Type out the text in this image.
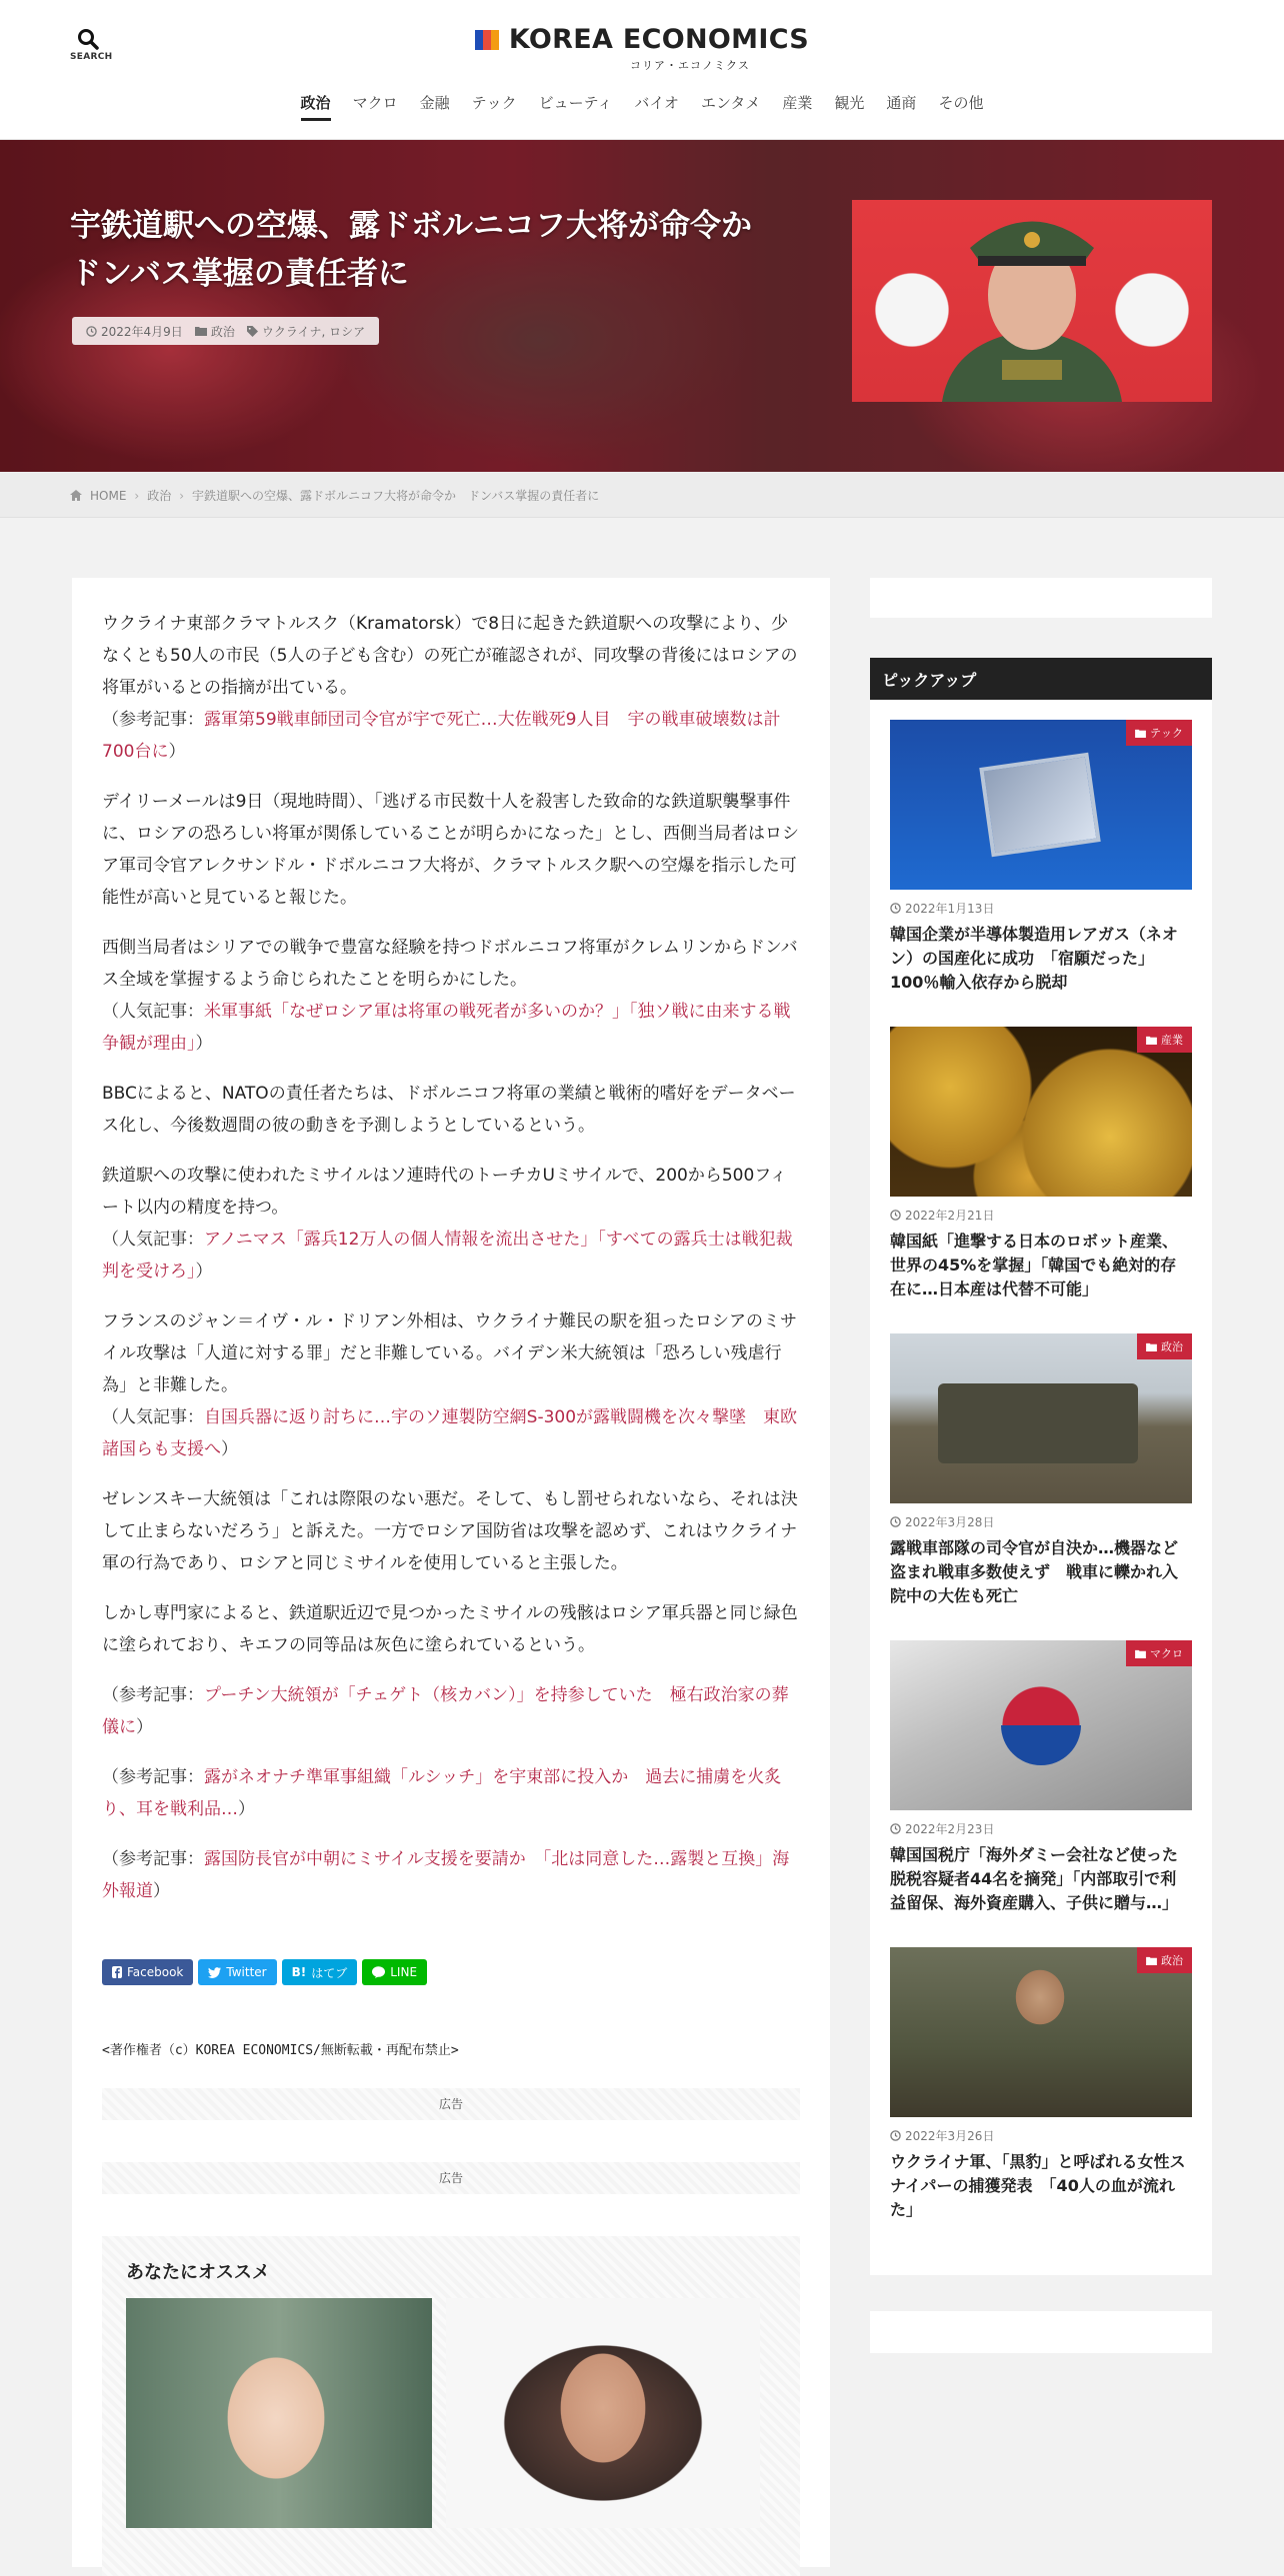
SEARCH
KOREA ECONOMICS
コリア・エコノミクス
政治	マクロ	金融	テック	ビューティ	バイオ	エンタメ	産業	観光	通商	その他
宇鉄道駅への空爆、露ドボルニコフ大将が命令か
ドンバス掌握の責任者に
2022年4月9日 政治 ウクライナ, ロシア
HOME › 政治 › 宇鉄道駅への空爆、露ドボルニコフ大将が命令か　ドンバス掌握の責任者に

ウクライナ東部クラマトルスク（Kramatorsk）で8日に起きた鉄道駅への攻撃により、少なくとも50人の市民（5人の子ども含む）の死亡が確認されが、同攻撃の背後にはロシアの将軍がいるとの指摘が出ている。
（参考記事：露軍第59戦車師団司令官が宇で死亡…大佐戦死9人目　宇の戦車破壊数は計700台に）

デイリーメールは9日（現地時間）、「逃げる市民数十人を殺害した致命的な鉄道駅襲撃事件に、ロシアの恐ろしい将軍が関係していることが明らかになった」とし、西側当局者はロシア軍司令官アレクサンドル・ドボルニコフ大将が、クラマトルスク駅への空爆を指示した可能性が高いと見ていると報じた。

西側当局者はシリアでの戦争で豊富な経験を持つドボルニコフ将軍がクレムリンからドンバス全域を掌握するよう命じられたことを明らかにした。
（人気記事：米軍事紙「なぜロシア軍は将軍の戦死者が多いのか？」「独ソ戦に由来する戦争観が理由」）

BBCによると、NATOの責任者たちは、ドボルニコフ将軍の業績と戦術的嗜好をデータベース化し、今後数週間の彼の動きを予測しようとしているという。

鉄道駅への攻撃に使われたミサイルはソ連時代のトーチカUミサイルで、200から500フィート以内の精度を持つ。
（人気記事：アノニマス「露兵12万人の個人情報を流出させた」「すべての露兵士は戦犯裁判を受けろ」）

フランスのジャン＝イヴ・ル・ドリアン外相は、ウクライナ難民の駅を狙ったロシアのミサイル攻撃は「人道に対する罪」だと非難している。バイデン米大統領は「恐ろしい残虐行為」と非難した。
（人気記事：自国兵器に返り討ちに…宇のソ連製防空網S-300が露戦闘機を次々撃墜　東欧諸国らも支援へ）

ゼレンスキー大統領は「これは際限のない悪だ。そして、もし罰せられないなら、それは決して止まらないだろう」と訴えた。一方でロシア国防省は攻撃を認めず、これはウクライナ軍の行為であり、ロシアと同じミサイルを使用していると主張した。

しかし専門家によると、鉄道駅近辺で見つかったミサイルの残骸はロシア軍兵器と同じ緑色に塗られており、キエフの同等品は灰色に塗られているという。

（参考記事：プーチン大統領が「チェゲト（核カバン）」を持参していた　極右政治家の葬儀に）

（参考記事：露がネオナチ準軍事組織「ルシッチ」を宇東部に投入か　過去に捕虜を火炙り、耳を戦利品…）

（参考記事：露国防長官が中朝にミサイル支援を要請か　「北は同意した…露製と互換」海外報道）

Facebook	Twitter B! はてブ	LINE
<著作権者（c）KOREA ECONOMICS/無断転載・再配布禁止>
広告
広告
あなたにオススメ
ピックアップ
テック
2022年1月13日
韓国企業が半導体製造用レアガス（ネオン）の国産化に成功　「宿願だった」100％輸入依存から脱却
産業
2022年2月21日
韓国紙「進撃する日本のロボット産業、世界の45%を掌握」「韓国でも絶対的存在に…日本産は代替不可能」
政治
2022年3月28日
露戦車部隊の司令官が自決か…機器など盗まれ戦車多数使えず　戦車に轢かれ入院中の大佐も死亡
マクロ
2022年2月23日
韓国国税庁「海外ダミー会社など使った脱税容疑者44名を摘発」「内部取引で利益留保、海外資産購入、子供に贈与…」
政治
2022年3月26日
ウクライナ軍、「黒豹」と呼ばれる女性スナイパーの捕獲発表　「40人の血が流れた」
